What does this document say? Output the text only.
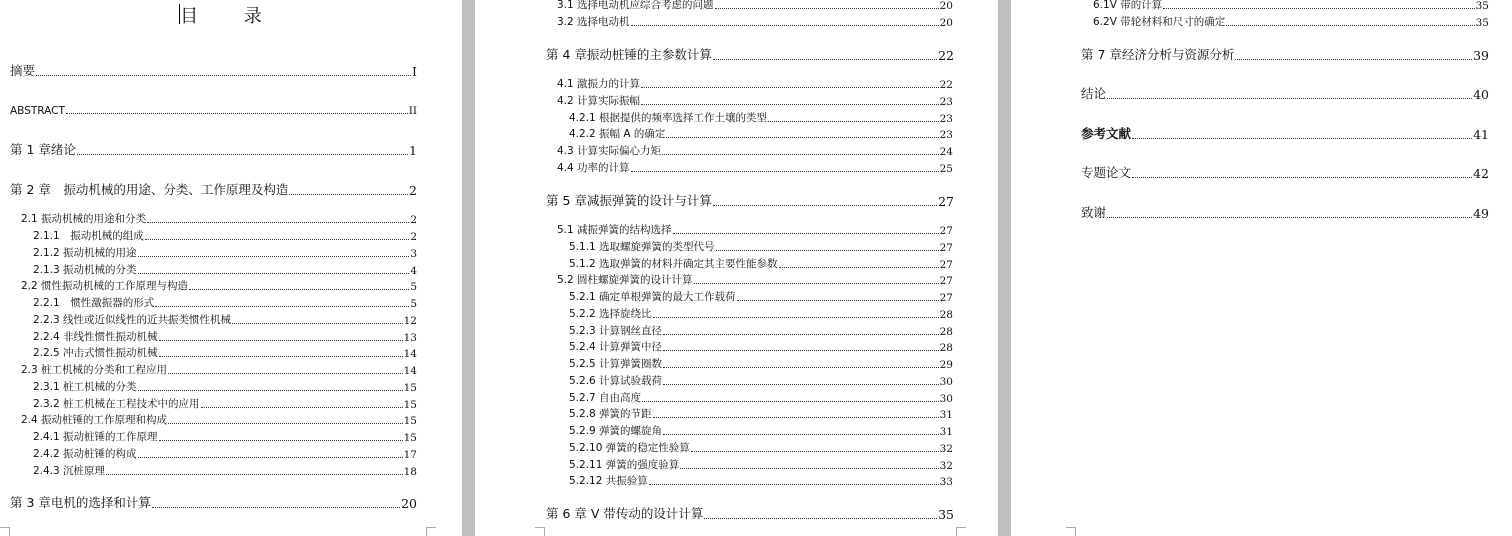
目 录
摘要	I
ABSTRACT	II
第 1 章绪论	1
第 2 章　振动机械的用途、分类、工作原理及构造	2
2.1 振动机械的用途和分类	2
2.1.1　振动机械的组成	2
2.1.2 振动机械的用途	3
2.1.3 振动机械的分类	4
2.2 惯性振动机械的工作原理与构造	5
2.2.1　惯性激振器的形式	5
2.2.3 线性或近似线性的近共振类惯性机械	12
2.2.4 非线性惯性振动机械	13
2.2.5 冲击式惯性振动机械	14
2.3 桩工机械的分类和工程应用	14
2.3.1 桩工机械的分类	15
2.3.2 桩工机械在工程技术中的应用	15
2.4 振动桩锤的工作原理和构成	15
2.4.1 振动桩锤的工作原理	15
2.4.2 振动桩锤的构成	17
2.4.3 沉桩原理	18
第 3 章电机的选择和计算	20
3.1 选择电动机应综合考虑的问题	20
3.2 选择电动机	20
第 4 章振动桩锤的主参数计算	22
4.1 激振力的计算	22
4.2 计算实际振幅	23
4.2.1 根据提供的频率选择工作土壤的类型	23
4.2.2 振幅 A 的确定	23
4.3 计算实际偏心力矩	24
4.4 功率的计算	25
第 5 章减振弹簧的设计与计算	27
5.1 减振弹簧的结构选择	27
5.1.1 选取螺旋弹簧的类型代号	27
5.1.2 选取弹簧的材料并确定其主要性能参数	27
5.2 圆柱螺旋弹簧的设计计算	27
5.2.1 确定单根弹簧的最大工作载荷	27
5.2.2 选择旋绕比	28
5.2.3 计算钢丝直径	28
5.2.4 计算弹簧中径	28
5.2.5 计算弹簧圈数	29
5.2.6 计算试验载荷	30
5.2.7 自由高度	30
5.2.8 弹簧的节距	31
5.2.9 弹簧的螺旋角	31
5.2.10 弹簧的稳定性验算	32
5.2.11 弹簧的强度验算	32
5.2.12 共振验算	33
第 6 章 V 带传动的设计计算	35
6.1V 带的计算	35
6.2V 带轮材料和尺寸的确定	35
第 7 章经济分析与资源分析	39
结论	40
参考文献	41
专题论文	42
致谢	49
